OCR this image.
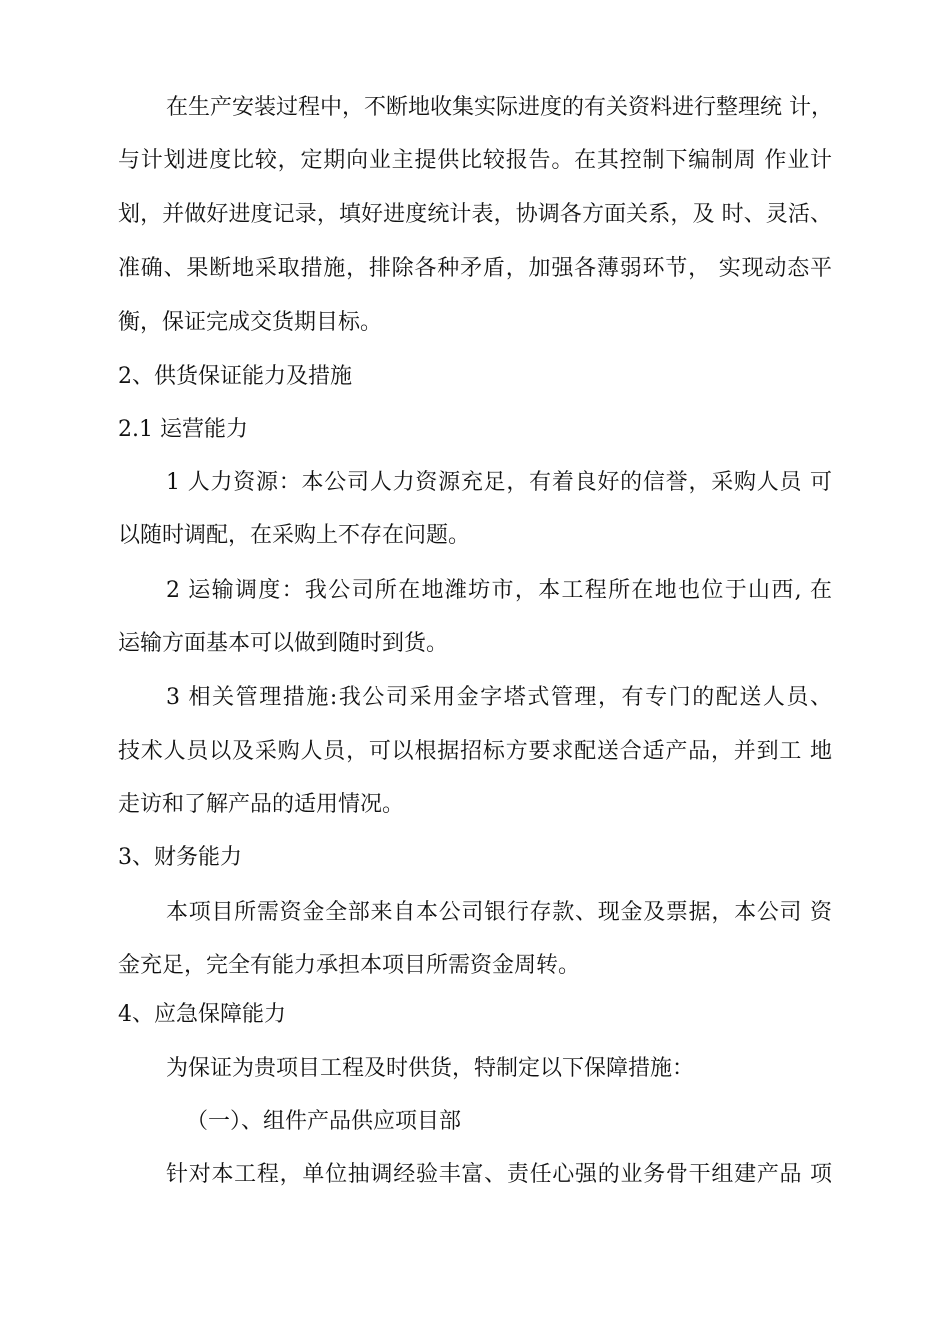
在生产安装过程中，不断地收集实际进度的有关资料进行整理统 计，
与计划进度比较，定期向业主提供比较报告。在其控制下编制周 作业计
划，并做好进度记录，填好进度统计表，协调各方面关系，及 时、灵活、
准确、果断地采取措施，排除各种矛盾，加强各薄弱环节， 实现动态平
衡，保证完成交货期目标。
2、供货保证能力及措施
2.1 运营能力
1 人力资源：本公司人力资源充足，有着良好的信誉，采购人员 可
以随时调配，在采购上不存在问题。
2 运输调度：我公司所在地潍坊市，本工程所在地也位于山西, 在
运输方面基本可以做到随时到货。
3 相关管理措施:我公司采用金字塔式管理，有专门的配送人员、
技术人员以及采购人员，可以根据招标方要求配送合适产品，并到工 地
走访和了解产品的适用情况。
3、财务能力
本项目所需资金全部来自本公司银行存款、现金及票据，本公司 资
金充足，完全有能力承担本项目所需资金周转。
4、应急保障能力
为保证为贵项目工程及时供货，特制定以下保障措施：
（一）、组件产品供应项目部
针对本工程，单位抽调经验丰富、责任心强的业务骨干组建产品 项
